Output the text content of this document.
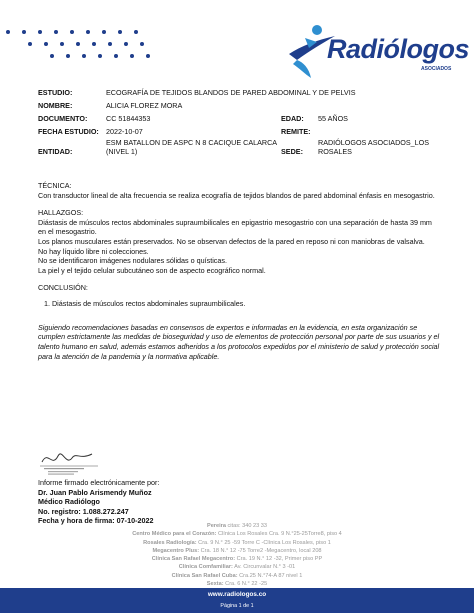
Radiólogos
ASOCIADOS
ESTUDIO:	ECOGRAFÍA DE TEJIDOS BLANDOS DE PARED ABDOMINAL Y DE PELVIS
NOMBRE:	ALICIA FLOREZ MORA
DOCUMENTO:	CC 51844353	EDAD:	55 AÑOS
FECHA ESTUDIO: 2022-10-07	REMITE:
ENTIDAD:
ESM BATALLON DE ASPC N 8 CACIQUE CALARCA (NIVEL 1)	SEDE:
RADIÓLOGOS ASOCIADOS_LOS ROSALES

TÉCNICA:

Con transductor lineal de alta frecuencia se realiza ecografía de tejidos blandos de pared abdominal énfasis en mesogastrio.

HALLAZGOS:

Diástasis de músculos rectos abdominales supraumbilicales en epigastrio mesogastrio con una separación de hasta 39 mm en el mesogastrio.

Los planos musculares están preservados. No se observan defectos de la pared en reposo ni con maniobras de valsalva.

No hay líquido libre ni colecciones.

No se identificaron imágenes nodulares sólidas o quísticas.

La piel y el tejido celular subcutáneo son de aspecto ecográfico normal.

CONCLUSIÓN:

1. Diástasis de músculos rectos abdominales supraumbilicales.

Siguiendo recomendaciones basadas en consensos de expertos e informadas en la evidencia, en esta organización se cumplen estrictamente las medidas de bioseguridad y uso de elementos de protección personal por parte de sus usuarios y el talento humano en salud, además estamos adheridos a los protocolos expedidos por el ministerio de salud y protección social para la atención de la pandemia y la normativa aplicable.

Informe firmado electrónicamente por:

Dr. Juan Pablo Arismendy Muñoz

Médico Radiólogo

No. registro: 1.088.272.247

Fecha y hora de firma: 07-10-2022

Pereira citas: 340 23 33
Centro Médico para el Corazón: Clínica Los Rosales Cra. 9 N.°25-25Torre8, piso 4
Rosales Radiología: Cra. 9 N.° 25 -59 Torre C -Clínica Los Rosales, piso 1
Megacentro Plus: Cra. 18 N.° 12 -75 Torre2 -Megacentro, local 208
Clínica San Rafael Megacentro: Cra. 19 N.° 12 -32, Primer piso PP
Clínica Comfamiliar: Av. Circunvalar N.° 3 -01
Clínica San Rafael Cuba: Cra.25 N.°74-A 87 nivel 1
Sexta: Cra. 6 N.° 22 -25
www.radiologos.co
Página 1 de 1
